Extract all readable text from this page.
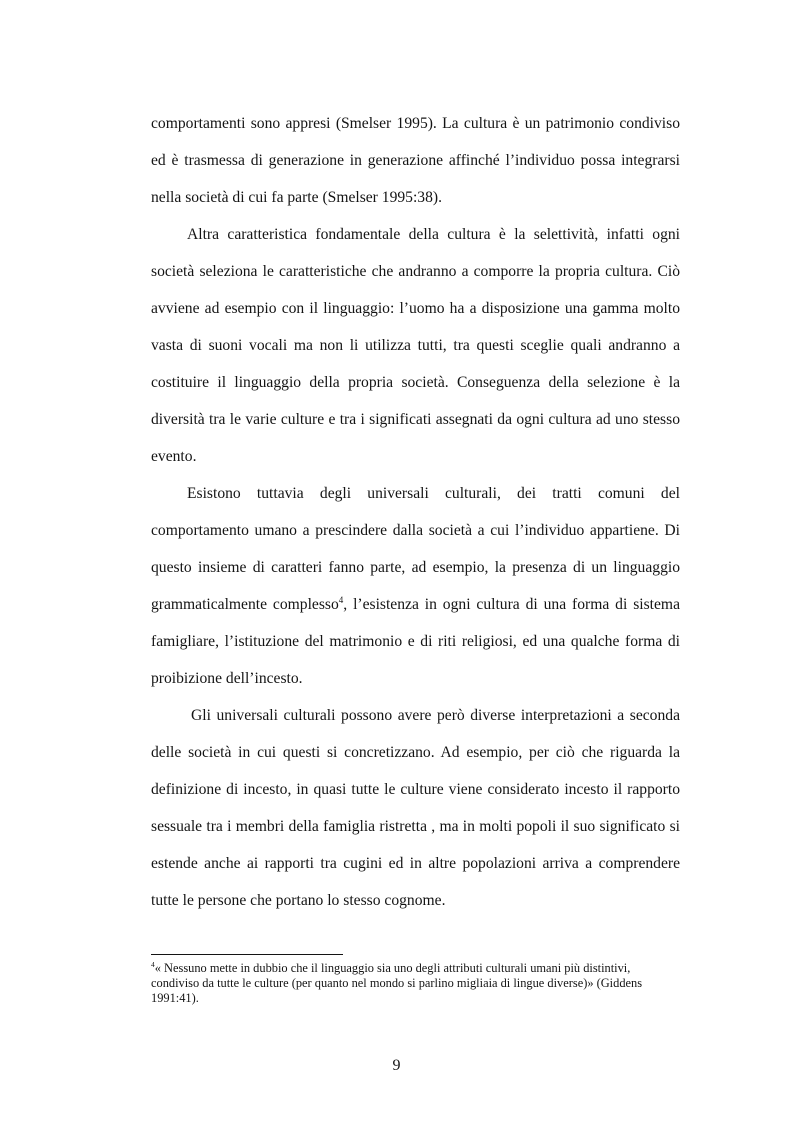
comportamenti sono appresi (Smelser 1995). La cultura è un patrimonio condiviso ed è trasmessa di generazione in generazione affinché l’individuo possa integrarsi nella società di cui fa parte (Smelser 1995:38).

Altra caratteristica fondamentale della cultura è la selettività, infatti ogni società seleziona le caratteristiche che andranno a comporre la propria cultura. Ciò avviene ad esempio con il linguaggio: l’uomo ha a disposizione una gamma molto vasta di suoni vocali ma non li utilizza tutti, tra questi sceglie quali andranno a costituire il linguaggio della propria società. Conseguenza della selezione è la diversità tra le varie culture e tra i significati assegnati da ogni cultura ad uno stesso evento.

Esistono tuttavia degli universali culturali, dei tratti comuni del comportamento umano a prescindere dalla società a cui l’individuo appartiene. Di questo insieme di caratteri fanno parte, ad esempio, la presenza di un linguaggio grammaticalmente complesso$^4$, l’esistenza in ogni cultura di una forma di sistema famigliare, l’istituzione del matrimonio e di riti religiosi, ed una qualche forma di proibizione dell’incesto.

Gli universali culturali possono avere però diverse interpretazioni a seconda delle società in cui questi si concretizzano. Ad esempio, per ciò che riguarda la definizione di incesto, in quasi tutte le culture viene considerato incesto il rapporto sessuale tra i membri della famiglia ristretta , ma in molti popoli il suo significato si estende anche ai rapporti tra cugini ed in altre popolazioni arriva a comprendere tutte le persone che portano lo stesso cognome.

$^4$« Nessuno mette in dubbio che il linguaggio sia uno degli attributi culturali umani più distintivi, condiviso da tutte le culture (per quanto nel mondo si parlino migliaia di lingue diverse)» (Giddens 1991:41).

9
